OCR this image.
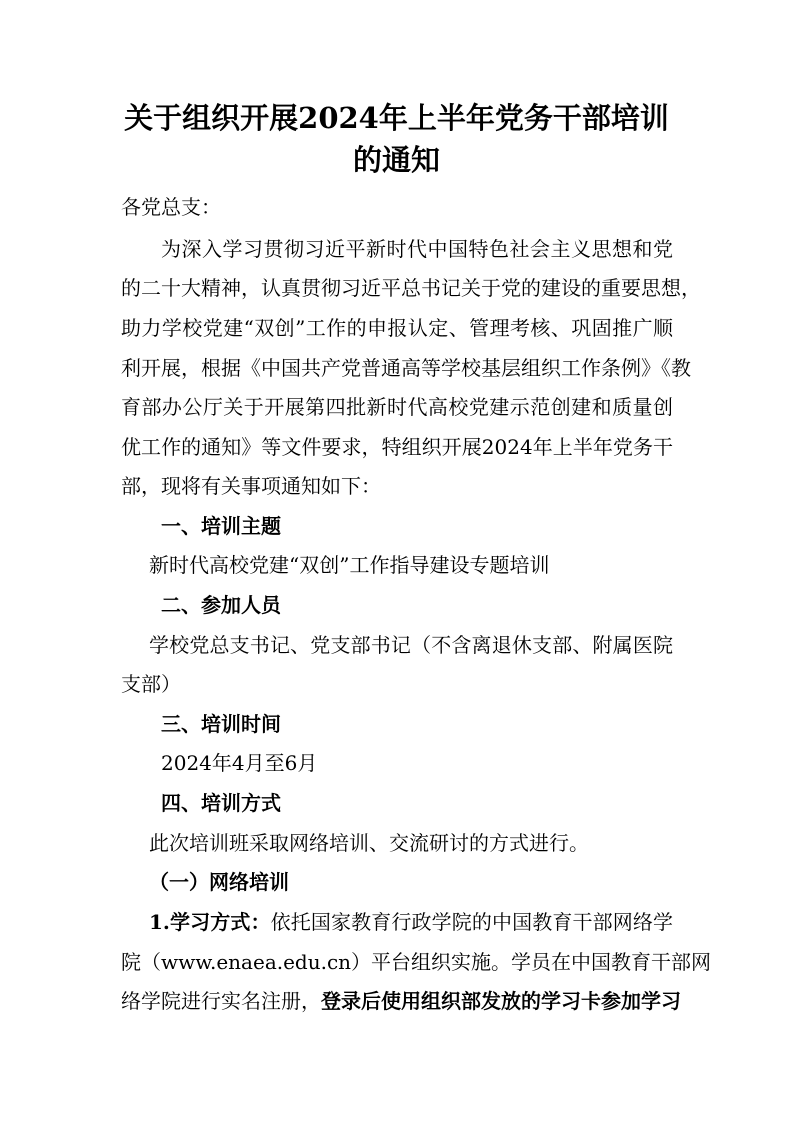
关于组织开展2024年上半年党务干部培训
的通知
各党总支：
为深入学习贯彻习近平新时代中国特色社会主义思想和党
的二十大精神，认真贯彻习近平总书记关于党的建设的重要思想，
助力学校党建“双创”工作的申报认定、管理考核、巩固推广顺
利开展，根据《中国共产党普通高等学校基层组织工作条例》《教
育部办公厅关于开展第四批新时代高校党建示范创建和质量创
优工作的通知》等文件要求，特组织开展2024年上半年党务干
部，现将有关事项通知如下：
一、培训主题
新时代高校党建“双创”工作指导建设专题培训
二、参加人员
学校党总支书记、党支部书记（不含离退休支部、附属医院
支部）
三、培训时间
2024年4月至6月
四、培训方式
此次培训班采取网络培训、交流研讨的方式进行。
（一）网络培训
1.学习方式：依托国家教育行政学院的中国教育干部网络学
院（www.enaea.edu.cn）平台组织实施。学员在中国教育干部网
络学院进行实名注册，登录后使用组织部发放的学习卡参加学习
